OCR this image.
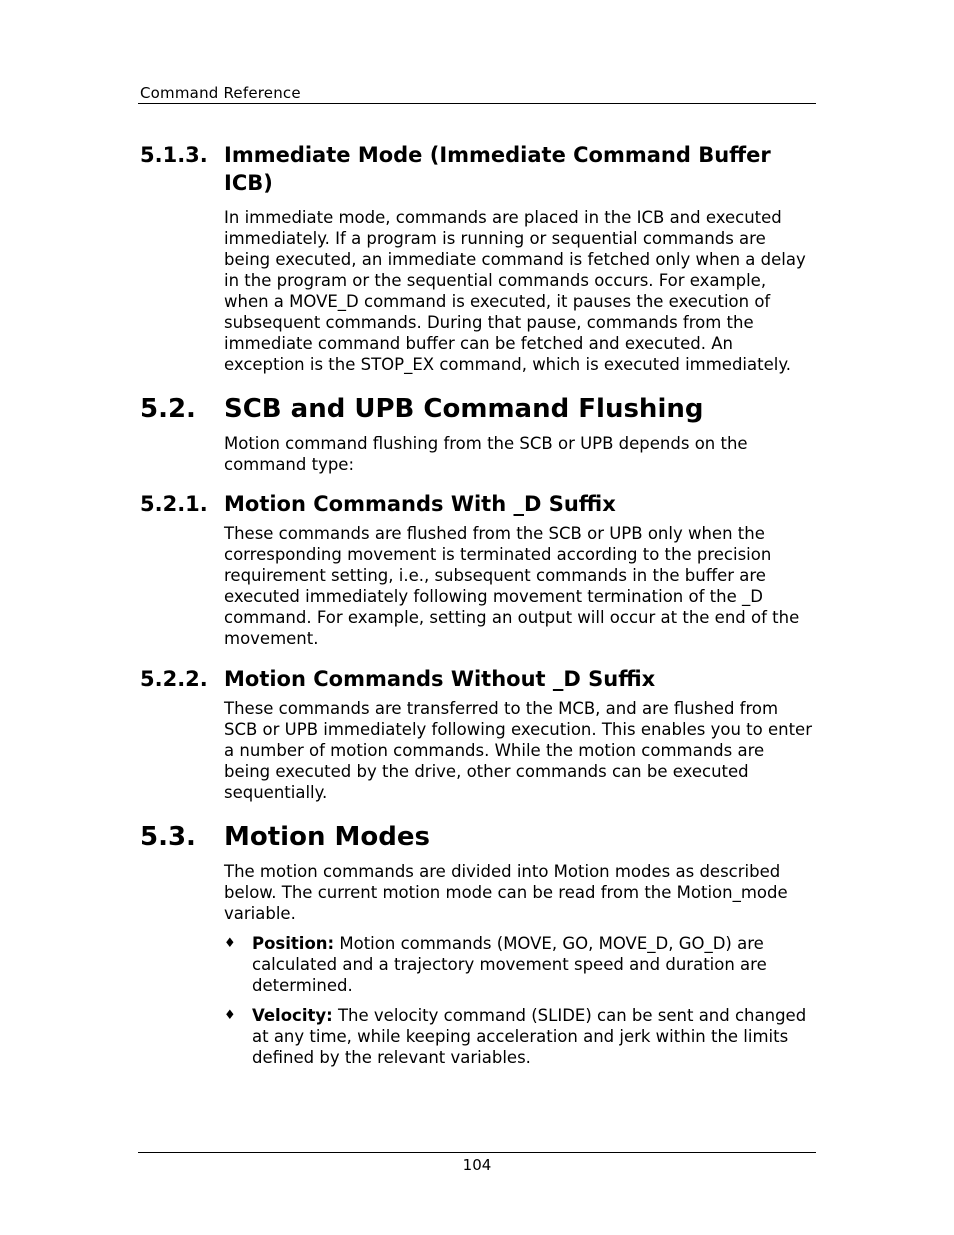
Command Reference
5.1.3. Immediate Mode (Immediate Command Buffer ICB)
In immediate mode, commands are placed in the ICB and executed immediately. If a program is running or sequential commands are being executed, an immediate command is fetched only when a delay in the program or the sequential commands occurs. For example, when a MOVE_D command is executed, it pauses the execution of subsequent commands. During that pause, commands from the immediate command buffer can be fetched and executed. An exception is the STOP_EX command, which is executed immediately.
5.2.	SCB and UPB Command Flushing
Motion command flushing from the SCB or UPB depends on the command type:
5.2.1. Motion Commands With _D Suffix
These commands are flushed from the SCB or UPB only when the corresponding movement is terminated according to the precision requirement setting, i.e., subsequent commands in the buffer are executed immediately following movement termination of the _D command. For example, setting an output will occur at the end of the movement.
5.2.2. Motion Commands Without _D Suffix
These commands are transferred to the MCB, and are flushed from SCB or UPB immediately following execution. This enables you to enter a number of motion commands. While the motion commands are being executed by the drive, other commands can be executed sequentially.
5.3.	Motion Modes
The motion commands are divided into Motion modes as described below. The current motion mode can be read from the Motion_mode variable.
♦ Position: Motion commands (MOVE, GO, MOVE_D, GO_D) are calculated and a trajectory movement speed and duration are determined.
♦ Velocity: The velocity command (SLIDE) can be sent and changed at any time, while keeping acceleration and jerk within the limits defined by the relevant variables.
104
